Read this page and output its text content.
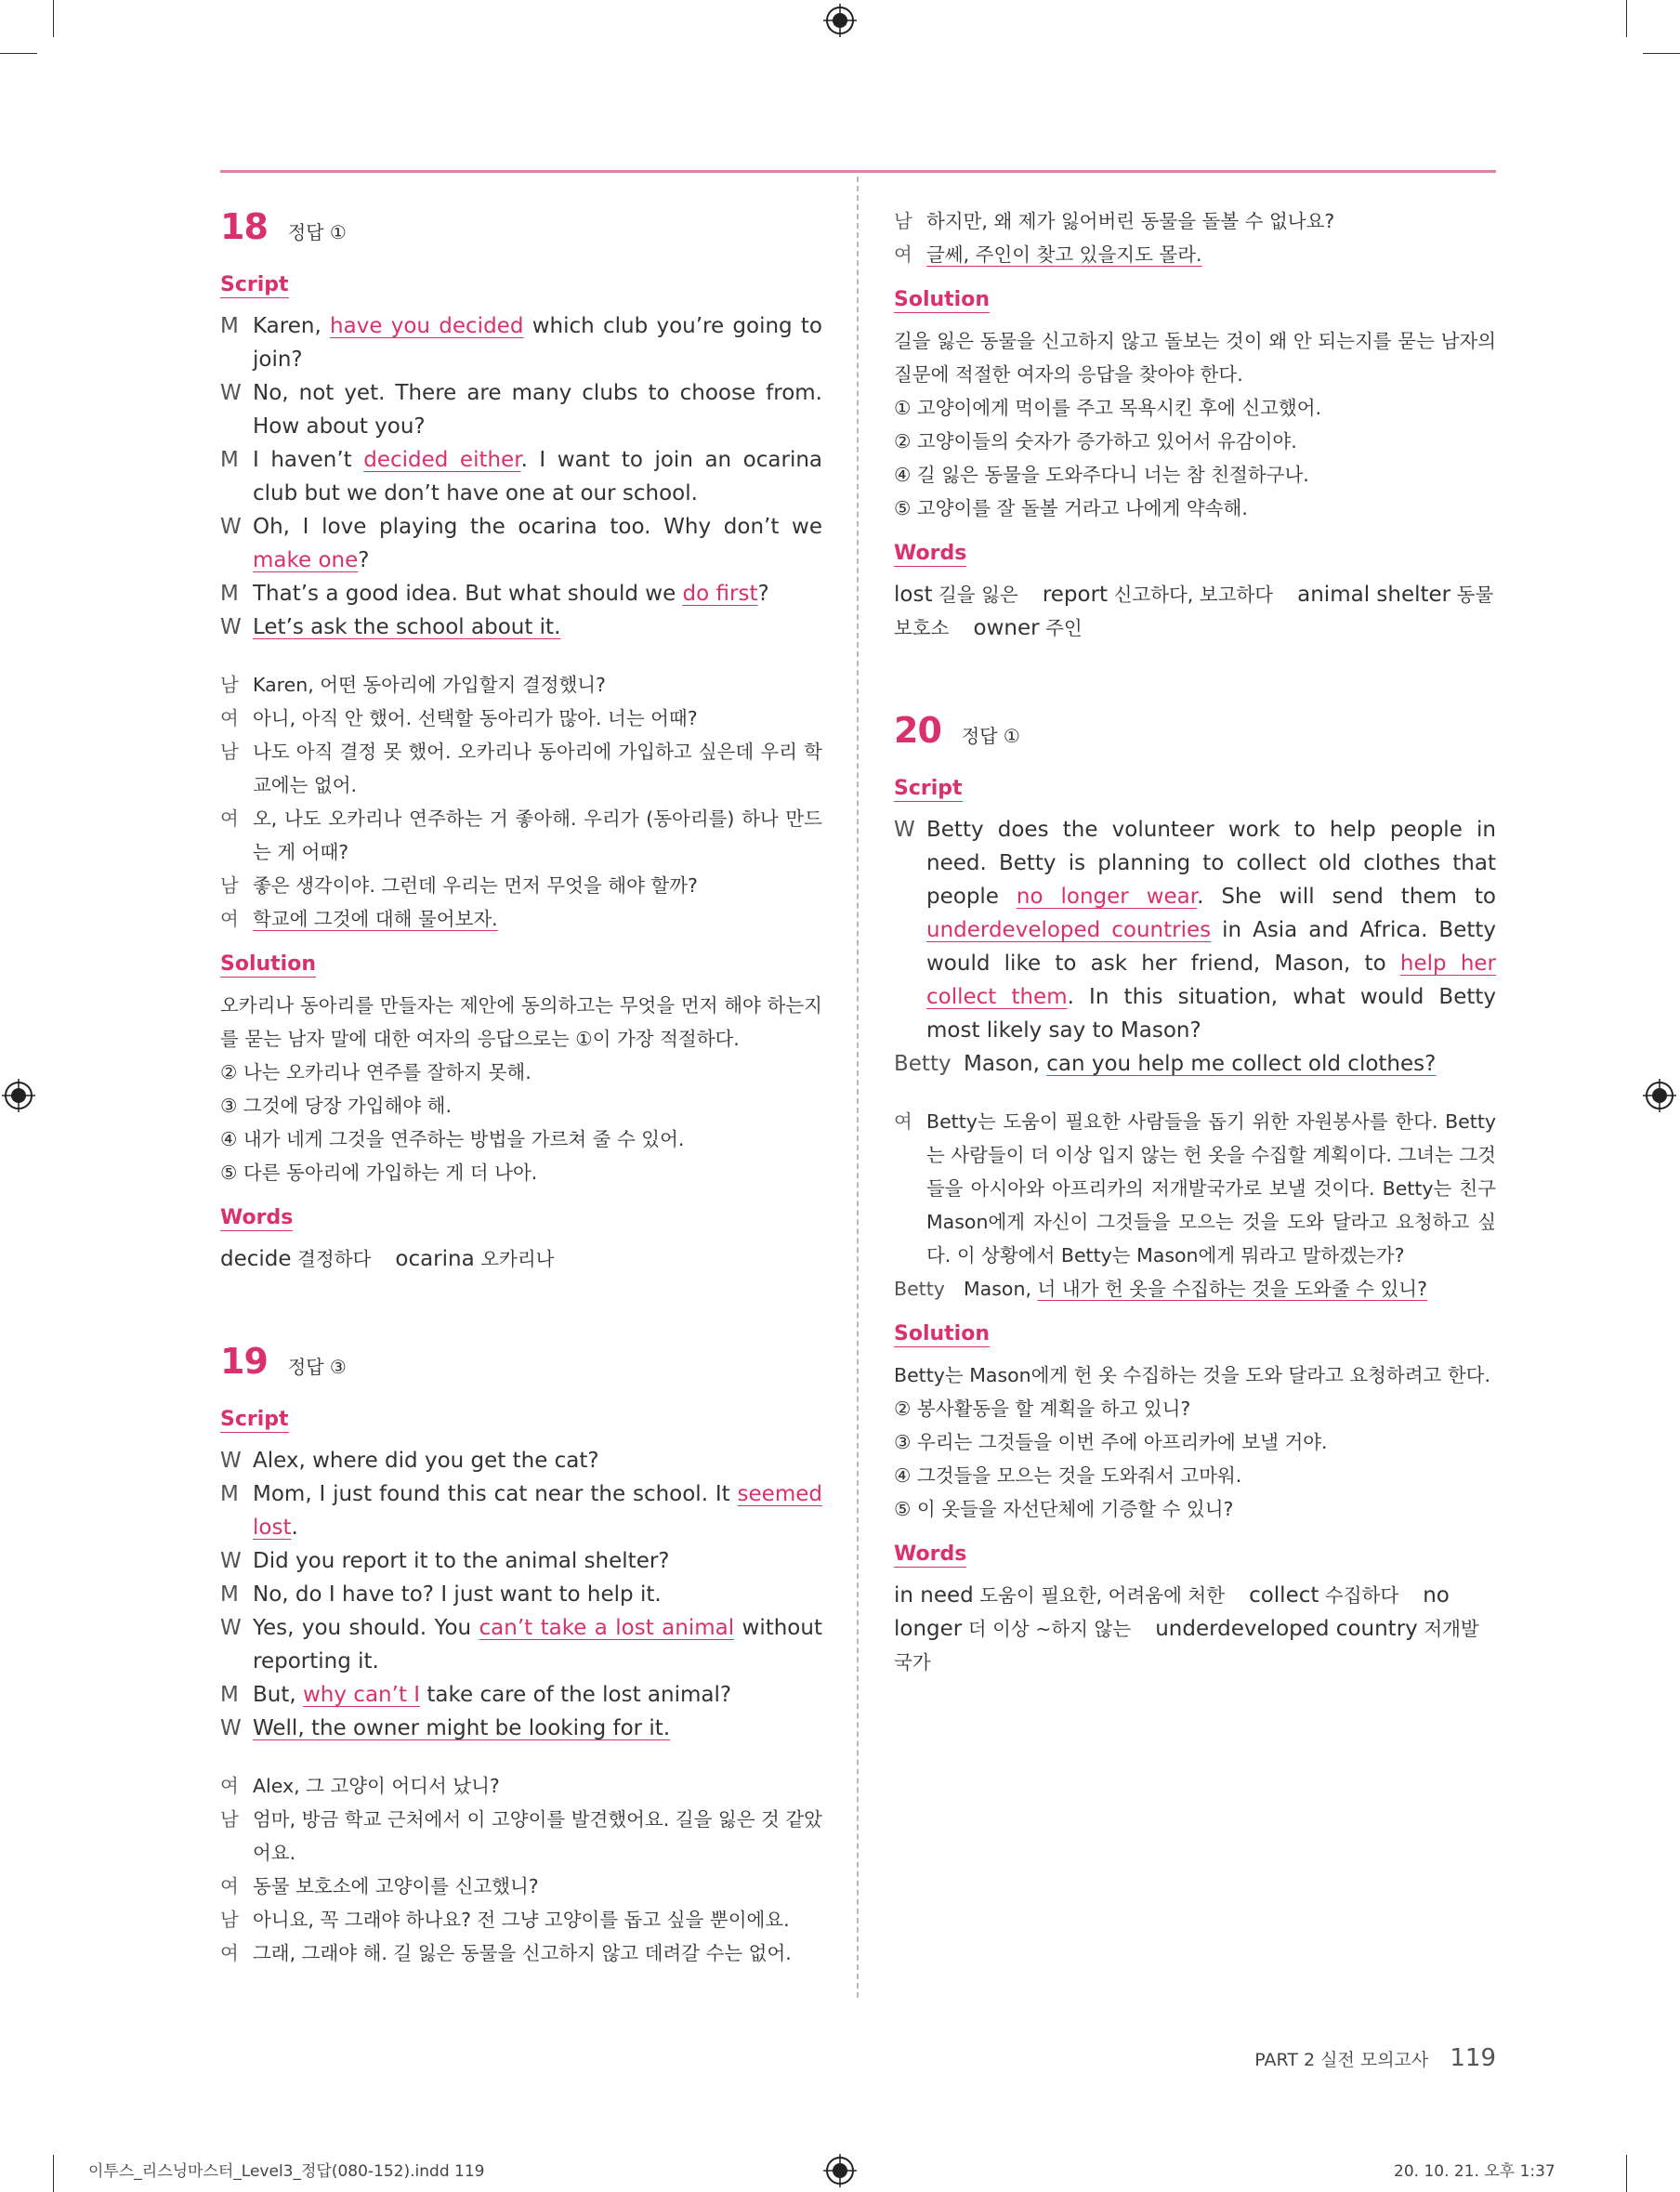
18 정답 ①
Script
M Karen, have you decided which club you’re going to join?
W No, not yet. There are many clubs to choose from. How about you?
M I haven’t decided either. I want to join an ocarina club but we don’t have one at our school.
W Oh, I love playing the ocarina too. Why don’t we make one?
M That’s a good idea. But what should we do first?
W Let’s ask the school about it.
남 Karen, 어떤 동아리에 가입할지 결정했니?
여 아니, 아직 안 했어. 선택할 동아리가 많아. 너는 어때?
남 나도 아직 결정 못 했어. 오카리나 동아리에 가입하고 싶은데 우리 학교에는 없어.
여 오, 나도 오카리나 연주하는 거 좋아해. 우리가 (동아리를) 하나 만드는 게 어때?
남 좋은 생각이야. 그런데 우리는 먼저 무엇을 해야 할까?
여 학교에 그것에 대해 물어보자.
Solution
오카리나 동아리를 만들자는 제안에 동의하고는 무엇을 먼저 해야 하는지를 묻는 남자 말에 대한 여자의 응답으로는 ①이 가장 적절하다.
② 나는 오카리나 연주를 잘하지 못해.
③ 그것에 당장 가입해야 해.
④ 내가 네게 그것을 연주하는 방법을 가르쳐 줄 수 있어.
⑤ 다른 동아리에 가입하는 게 더 나아.
Words
decide 결정하다 ocarina 오카리나
19 정답 ③
Script
W Alex, where did you get the cat?
M Mom, I just found this cat near the school. It seemed lost.
W Did you report it to the animal shelter?
M No, do I have to? I just want to help it.
W Yes, you should. You can’t take a lost animal without reporting it.
M But, why can’t I take care of the lost animal?
W Well, the owner might be looking for it.
여 Alex, 그 고양이 어디서 났니?
남 엄마, 방금 학교 근처에서 이 고양이를 발견했어요. 길을 잃은 것 같았어요.
여 동물 보호소에 고양이를 신고했니?
남 아니요, 꼭 그래야 하나요? 전 그냥 고양이를 돕고 싶을 뿐이에요.
여 그래, 그래야 해. 길 잃은 동물을 신고하지 않고 데려갈 수는 없어.
남 하지만, 왜 제가 잃어버린 동물을 돌볼 수 없나요?
여 글쎄, 주인이 찾고 있을지도 몰라.
Solution
길을 잃은 동물을 신고하지 않고 돌보는 것이 왜 안 되는지를 묻는 남자의 질문에 적절한 여자의 응답을 찾아야 한다.
① 고양이에게 먹이를 주고 목욕시킨 후에 신고했어.
② 고양이들의 숫자가 증가하고 있어서 유감이야.
④ 길 잃은 동물을 도와주다니 너는 참 친절하구나.
⑤ 고양이를 잘 돌볼 거라고 나에게 약속해.
Words
lost 길을 잃은 report 신고하다, 보고하다 animal shelter 동물 보호소 owner 주인
20 정답 ①
Script
W Betty does the volunteer work to help people in need. Betty is planning to collect old clothes that people no longer wear. She will send them to underdeveloped countries in Asia and Africa. Betty would like to ask her friend, Mason, to help her collect them. In this situation, what would Betty most likely say to Mason?
Betty Mason, can you help me collect old clothes?
여 Betty는 도움이 필요한 사람들을 돕기 위한 자원봉사를 한다. Betty는 사람들이 더 이상 입지 않는 헌 옷을 수집할 계획이다. 그녀는 그것들을 아시아와 아프리카의 저개발국가로 보낼 것이다. Betty는 친구 Mason에게 자신이 그것들을 모으는 것을 도와 달라고 요청하고 싶다. 이 상황에서 Betty는 Mason에게 뭐라고 말하겠는가?
Betty Mason, 너 내가 헌 옷을 수집하는 것을 도와줄 수 있니?
Solution
Betty는 Mason에게 헌 옷 수집하는 것을 도와 달라고 요청하려고 한다.
② 봉사활동을 할 계획을 하고 있니?
③ 우리는 그것들을 이번 주에 아프리카에 보낼 거야.
④ 그것들을 모으는 것을 도와줘서 고마워.
⑤ 이 옷들을 자선단체에 기증할 수 있니?
Words
in need 도움이 필요한, 어려움에 처한 collect 수집하다 no longer 더 이상 ~하지 않는 underdeveloped country 저개발국가
PART 2 실전 모의고사 119
이투스_리스닝마스터_Level3_정답(080-152).indd 119	20. 10. 21. 오후 1:37
